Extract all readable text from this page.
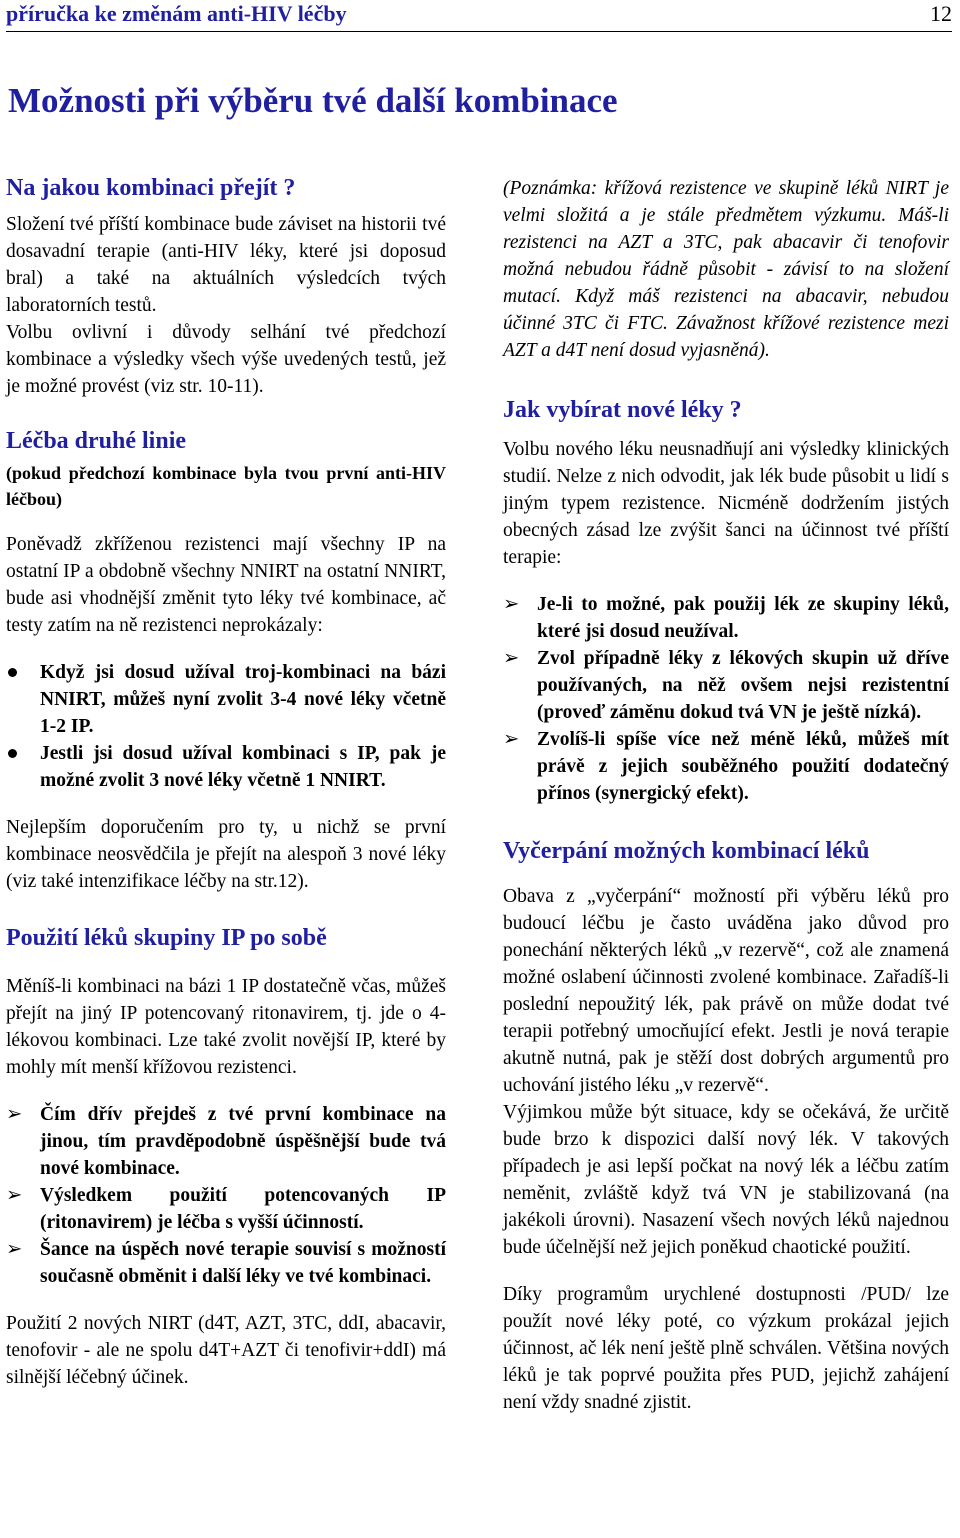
příručka ke změnám anti-HIV léčby	12
Možnosti při výběru tvé další kombinace
Na jakou kombinaci přejít ?

Složení tvé příští kombinace bude záviset na historii tvé dosavadní terapie (anti-HIV léky, které jsi doposud bral) a také na aktuálních výsledcích tvých laboratorních testů.

Volbu ovlivní i důvody selhání tvé předchozí kombinace a výsledky všech výše uvedených testů, jež je možné provést (viz str. 10-11).

Léčba druhé linie

(pokud předchozí kombinace byla tvou první anti-HIV léčbou)

Poněvadž zkříženou rezistenci mají všechny IP na ostatní IP a obdobně všechny NNIRT na ostatní NNIRT, bude asi vhodnější změnit tyto léky tvé kombinace, ač testy zatím na ně rezistenci neprokázaly:

Když jsi dosud užíval troj-kombinaci na bázi NNIRT, můžeš nyní zvolit 3-4 nové léky včetně 1-2 IP.
Jestli jsi dosud užíval kombinaci s IP, pak je možné zvolit 3 nové léky včetně 1 NNIRT.

Nejlepším doporučením pro ty, u nichž se první kombinace neosvědčila je přejít na alespoň 3 nové léky (viz také intenzifikace léčby na str.12).

Použití léků skupiny IP po sobě

Měníš-li kombinaci na bázi 1 IP dostatečně včas, můžeš přejít na jiný IP potencovaný ritonavirem, tj. jde o 4-lékovou kombinaci. Lze také zvolit novější IP, které by mohly mít menší křížovou rezistenci.

➢ Čím dřív přejdeš z tvé první kombinace na jinou, tím pravděpodobně úspěšnější bude tvá nové kombinace.
➢ Výsledkem použití potencovaných IP (ritonavirem) je léčba s vyšší účinností.
➢ Šance na úspěch nové terapie souvisí s možností současně obměnit i další léky ve tvé kombinaci.

Použití 2 nových NIRT (d4T, AZT, 3TC, ddI, abacavir, tenofovir - ale ne spolu d4T+AZT či tenofivir+ddI) má silnější léčebný účinek.

(Poznámka: křížová rezistence ve skupině léků NIRT je velmi složitá a je stále předmětem výzkumu. Máš-li rezistenci na AZT a 3TC, pak abacavir či tenofovir možná nebudou řádně působit - závisí to na složení mutací. Když máš rezistenci na abacavir, nebudou účinné 3TC či FTC. Závažnost křížové rezistence mezi AZT a d4T není dosud vyjasněná).

Jak vybírat nové léky ?

Volbu nového léku neusnadňují ani výsledky klinických studií. Nelze z nich odvodit, jak lék bude působit u lidí s jiným typem rezistence. Nicméně dodržením jistých obecných zásad lze zvýšit šanci na účinnost tvé příští terapie:

➢ Je-li to možné, pak použij lék ze skupiny léků, které jsi dosud neužíval.
➢ Zvol případně léky z lékových skupin už dříve používaných, na něž ovšem nejsi rezistentní (proveď záměnu dokud tvá VN je ještě nízká).
➢ Zvolíš-li spíše více než méně léků, můžeš mít právě z jejich souběžného použití dodatečný přínos (synergický efekt).
Vyčerpání možných kombinací léků

Obava z „vyčerpání“ možností při výběru léků pro budoucí léčbu je často uváděna jako důvod pro ponechání některých léků „v rezervě“, což ale znamená možné oslabení účinnosti zvolené kombinace. Zařadíš-li poslední nepoužitý lék, pak právě on může dodat tvé terapii potřebný umocňující efekt. Jestli je nová terapie akutně nutná, pak je stěží dost dobrých argumentů pro uchování jistého léku „v rezervě“.

Výjimkou může být situace, kdy se očekává, že určitě bude brzo k dispozici další nový lék. V takových případech je asi lepší počkat na nový lék a léčbu zatím neměnit, zvláště když tvá VN je stabilizovaná (na jakékoli úrovni). Nasazení všech nových léků najednou bude účelnější než jejich poněkud chaotické použití.

Díky programům urychlené dostupnosti /PUD/ lze použít nové léky poté, co výzkum prokázal jejich účinnost, ač lék není ještě plně schválen. Většina nových léků je tak poprvé použita přes PUD, jejichž zahájení není vždy snadné zjistit.
